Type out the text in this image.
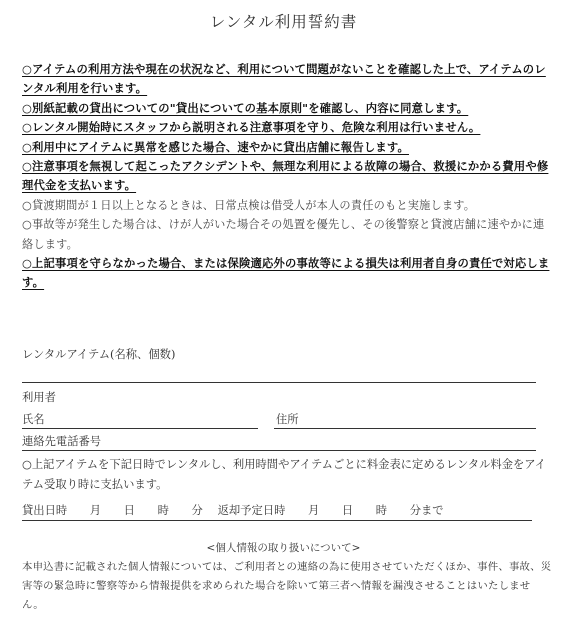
レンタル利用誓約書

○アイテムの利用方法や現在の状況など、利用について問題がないことを確認した上で、アイテムのレンタル利用を行います。

○別紙記載の貸出についての"貸出についての基本原則"を確認し、内容に同意します。

○レンタル開始時にスタッフから説明される注意事項を守り、危険な利用は行いません。

○利用中にアイテムに異常を感じた場合、速やかに貸出店舗に報告します。

○注意事項を無視して起こったアクシデントや、無理な利用による故障の場合、救援にかかる費用や修理代金を支払います。

○貸渡期間が１日以上となるときは、日常点検は借受人が本人の責任のもと実施します。

○事故等が発生した場合は、けが人がいた場合その処置を優先し、その後警察と貸渡店舗に速やかに連絡します。

○上記事項を守らなかった場合、または保険適応外の事故等による損失は利用者自身の責任で対応します。

レンタルアイテム(名称、個数)
利用者
氏名	住所
連絡先電話番号
○上記アイテムを下記日時でレンタルし、利用時間やアイテムごとに料金表に定めるレンタル料金をアイテム受取り時に支払います。
貸出日時　　月　　日　　時　　分　 返却予定日時　　月　　日　　時　　分まで
<個人情報の取り扱いについて>
本申込書に記載された個人情報については、ご利用者との連絡の為に使用させていただくほか、事件、事故、災害等の緊急時に警察等から情報提供を求められた場合を除いて第三者へ情報を漏洩させることはいたしません。
